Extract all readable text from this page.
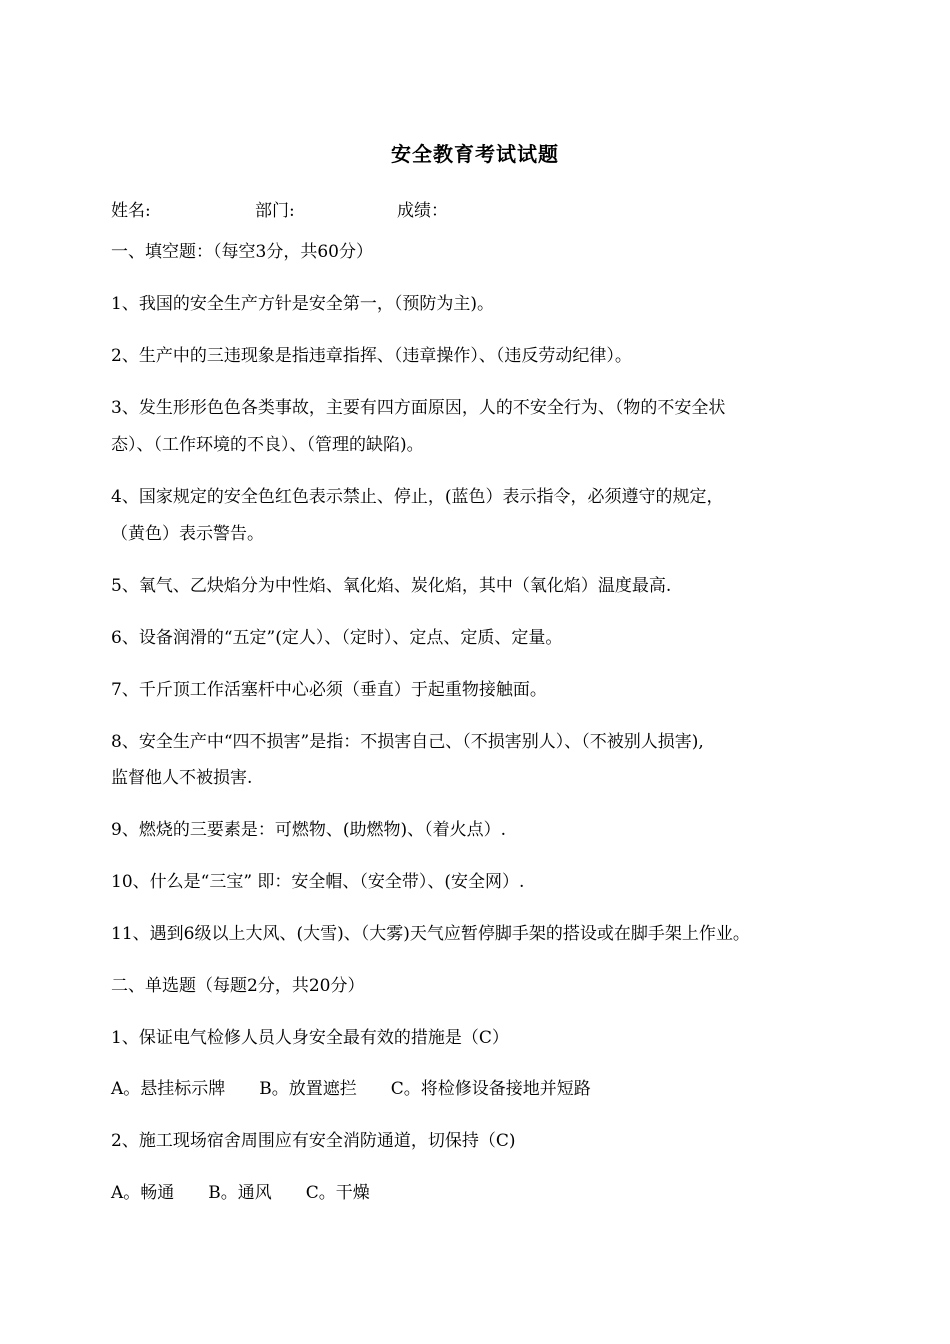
安全教育考试试题
姓名:	部门:	成绩：
一、填空题：（每空3分，共60分）
1、我国的安全生产方针是安全第一，（预防为主)。
2、生产中的三违现象是指违章指挥、（违章操作）、（违反劳动纪律）。
3、发生形形色色各类事故，主要有四方面原因，人的不安全行为、（物的不安全状
态）、（工作环境的不良）、（管理的缺陷)。
4、国家规定的安全色红色表示禁止、停止，(蓝色）表示指令，必须遵守的规定，
（黄色）表示警告。
5、氧气、乙炔焰分为中性焰、氧化焰、炭化焰，其中（氧化焰）温度最高.
6、设备润滑的“五定”(定人）、（定时）、定点、定质、定量。
7、千斤顶工作活塞杆中心必须（垂直）于起重物接触面。
8、安全生产中“四不损害”是指：不损害自己、（不损害别人）、（不被别人损害),
监督他人不被损害.
9、燃烧的三要素是：可燃物、(助燃物)、（着火点）.
10、什么是“三宝” 即：安全帽、（安全带）、(安全网）.
11、遇到6级以上大风、(大雪)、（大雾)天气应暂停脚手架的搭设或在脚手架上作业。
二、单选题（每题2分，共20分）
1、保证电气检修人员人身安全最有效的措施是（C）
A。悬挂标示牌　　B。放置遮拦　　C。将检修设备接地并短路
2、施工现场宿舍周围应有安全消防通道，切保持（C)
A。畅通　　B。通风　　C。干燥
